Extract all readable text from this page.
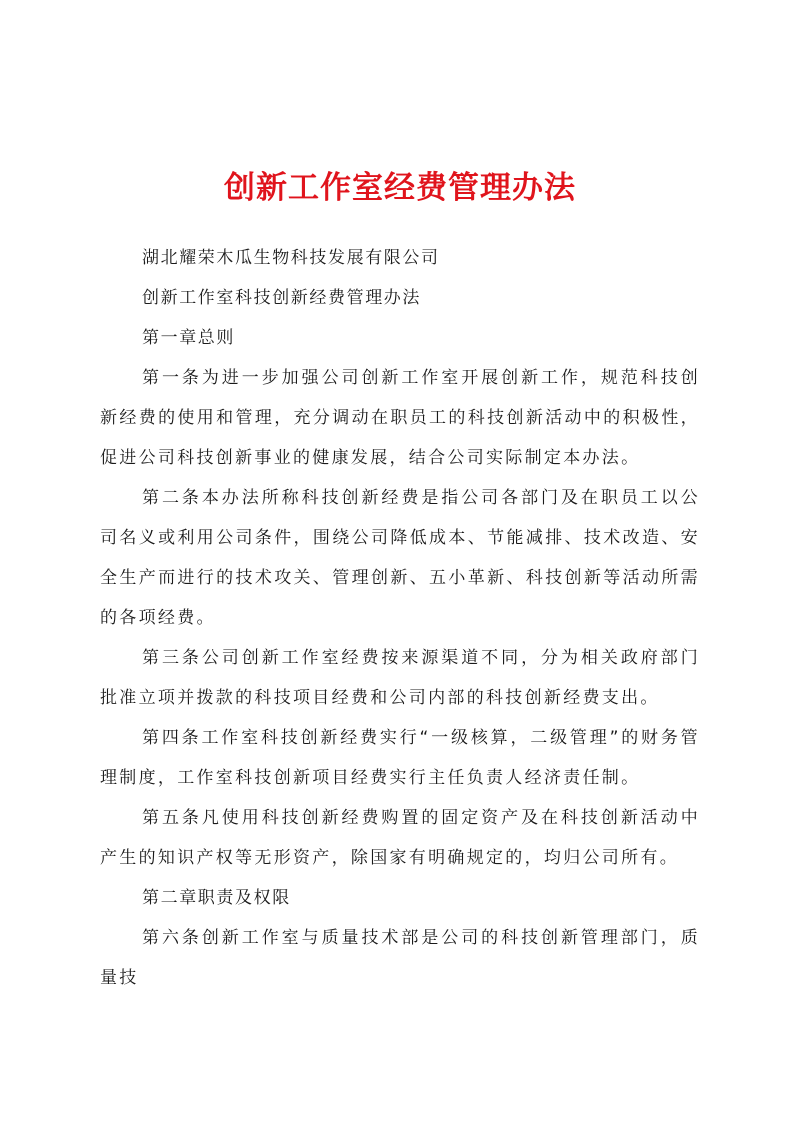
创新工作室经费管理办法

湖北耀荣木瓜生物科技发展有限公司

创新工作室科技创新经费管理办法

第一章总则

第一条为进一步加强公司创新工作室开展创新工作，规范科技创新经费的使用和管理，充分调动在职员工的科技创新活动中的积极性，促进公司科技创新事业的健康发展，结合公司实际制定本办法。

第二条本办法所称科技创新经费是指公司各部门及在职员工以公司名义或利用公司条件，围绕公司降低成本、节能减排、技术改造、安全生产而进行的技术攻关、管理创新、五小革新、科技创新等活动所需的各项经费。

第三条公司创新工作室经费按来源渠道不同，分为相关政府部门批准立项并拨款的科技项目经费和公司内部的科技创新经费支出。

第四条工作室科技创新经费实行“一级核算，二级管理”的财务管理制度，工作室科技创新项目经费实行主任负责人经济责任制。

第五条凡使用科技创新经费购置的固定资产及在科技创新活动中产生的知识产权等无形资产，除国家有明确规定的，均归公司所有。

第二章职责及权限

第六条创新工作室与质量技术部是公司的科技创新管理部门，质量技
